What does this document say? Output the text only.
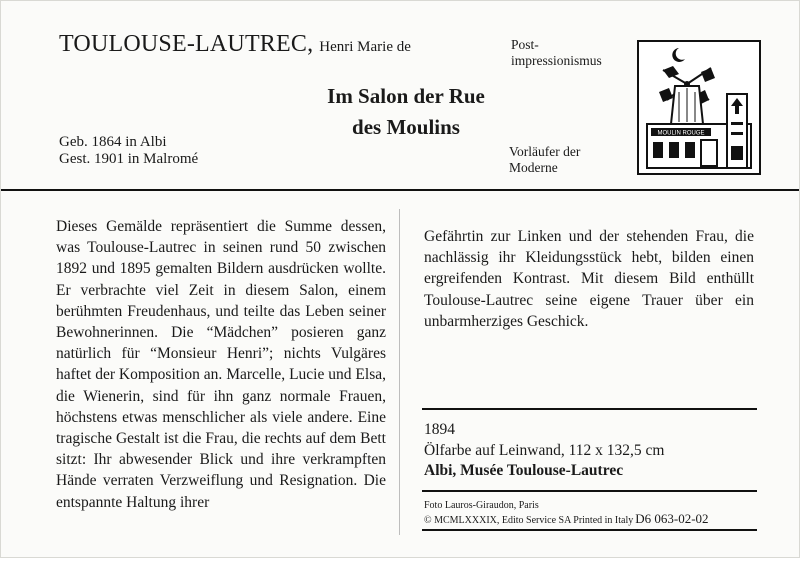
TOULOUSE-LAUTREC, Henri Marie de
Im Salon der Rue
des Moulins
Geb. 1864 in Albi
Gest. 1901 in Malromé
Post-
impressionismus
Vorläufer der
Moderne
MOULIN ROUGE

Dieses Gemälde repräsentiert die Summe dessen, was Toulouse-Lautrec in seinen rund 50 zwischen 1892 und 1895 gemalten Bildern ausdrücken wollte. Er verbrachte viel Zeit in diesem Salon, einem berühmten Freudenhaus, und teilte das Leben seiner Bewohnerinnen. Die “Mädchen” posieren ganz natürlich für “Monsieur Henri”; nichts Vulgäres haftet der Komposition an. Marcelle, Lucie und Elsa, die Wienerin, sind für ihn ganz normale Frauen, höchstens etwas menschlicher als viele andere. Eine tragische Gestalt ist die Frau, die rechts auf dem Bett sitzt: Ihr abwesender Blick und ihre verkrampften Hände verraten Verzweiflung und Resignation. Die entspannte Haltung ihrer

Gefährtin zur Linken und der stehenden Frau, die nachlässig ihr Kleidungsstück hebt, bilden einen ergreifenden Kontrast. Mit diesem Bild enthüllt Toulouse-Lautrec seine eigene Trauer über ein unbarmherziges Geschick.

1894
Ölfarbe auf Leinwand, 112 x 132,5 cm
Albi, Musée Toulouse-Lautrec
Foto Lauros-Giraudon, Paris
© MCMLXXXIX, Edito Service SA Printed in Italy D6 063-02-02
